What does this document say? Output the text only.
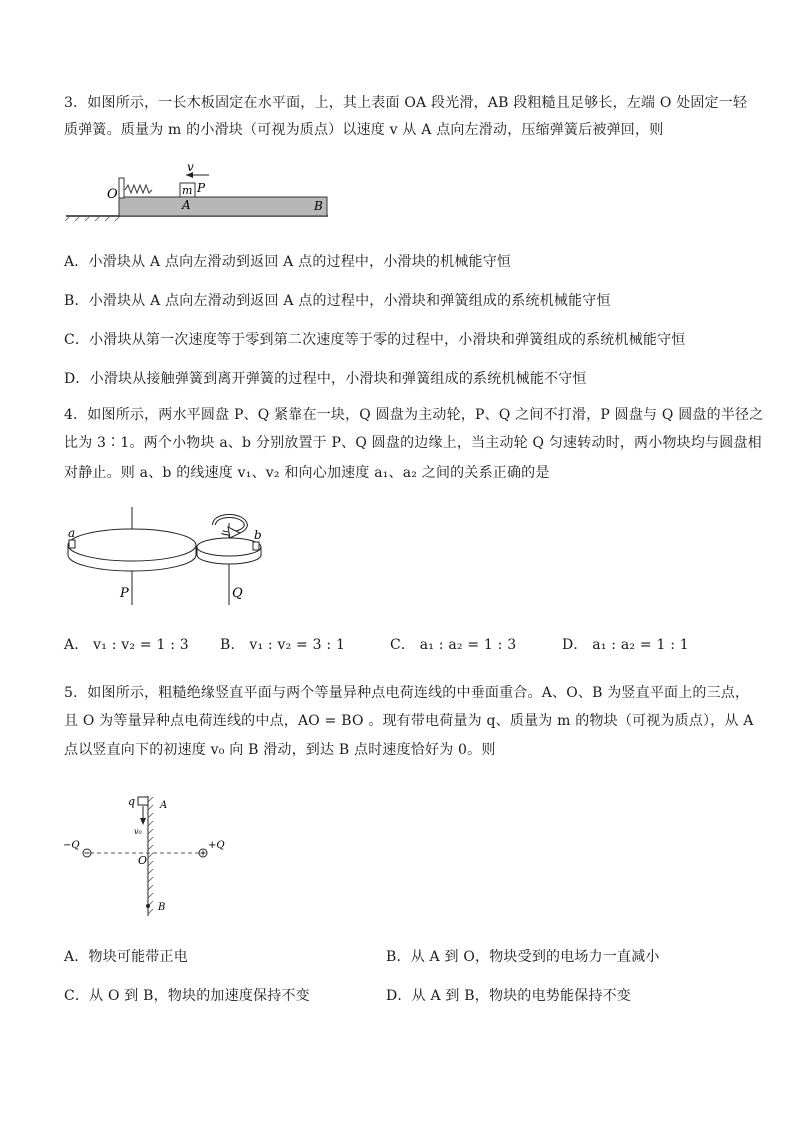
3．如图所示，一长木板固定在水平面，上，其上表面 OA 段光滑，AB 段粗糙且足够长，左端 O 处固定一轻
质弹簧。质量为 m 的小滑块（可视为质点）以速度 v 从 A 点向左滑动，压缩弹簧后被弹回，则
m P
v
O
A	B
A．小滑块从 A 点向左滑动到返回 A 点的过程中，小滑块的机械能守恒
B．小滑块从 A 点向左滑动到返回 A 点的过程中，小滑块和弹簧组成的系统机械能守恒
C．小滑块从第一次速度等于零到第二次速度等于零的过程中，小滑块和弹簧组成的系统机械能守恒
D．小滑块从接触弹簧到离开弹簧的过程中，小滑块和弹簧组成的系统机械能不守恒
4．如图所示，两水平圆盘 P、Q 紧靠在一块，Q 圆盘为主动轮，P、Q 之间不打滑，P 圆盘与 Q 圆盘的半径之
比为 3∶1。两个小物块 a、b 分别放置于 P、Q 圆盘的边缘上，当主动轮 Q 匀速转动时，两小物块均与圆盘相
对静止。则 a、b 的线速度 v₁、v₂ 和向心加速度 a₁、a₂ 之间的关系正确的是
a	b
P	Q
A． v₁ : v₂ = 1 : 3 B． v₁ : v₂ = 3 : 1	C． a₁ : a₂ = 1 : 3	D． a₁ : a₂ = 1 : 1
5．如图所示，粗糙绝缘竖直平面与两个等量异种点电荷连线的中垂面重合。A、O、B 为竖直平面上的三点，
且 O 为等量异种点电荷连线的中点，AO = BO 。现有带电荷量为 q、质量为 m 的物块（可视为质点），从 A
点以竖直向下的初速度 v₀ 向 B 滑动，到达 B 点时速度恰好为 0。则
q A
v₀
−Q	+Q
O
B
A．物块可能带正电	B．从 A 到 O，物块受到的电场力一直减小
C．从 O 到 B，物块的加速度保持不变	D．从 A 到 B，物块的电势能保持不变
